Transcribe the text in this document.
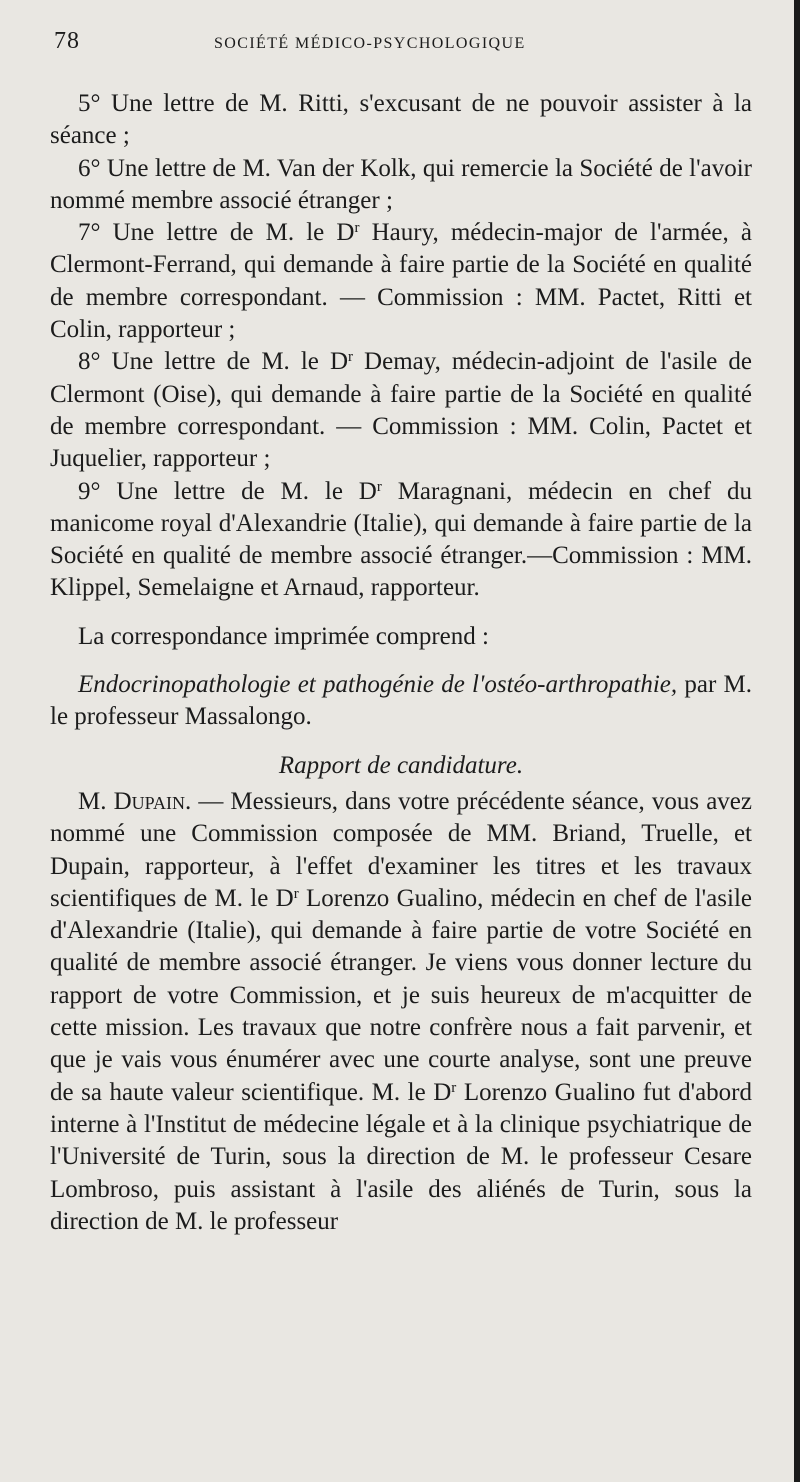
78	SOCIÉTÉ MÉDICO-PSYCHOLOGIQUE

5° Une lettre de M. Ritti, s'excusant de ne pouvoir assister à la séance ;

6° Une lettre de M. Van der Kolk, qui remercie la Société de l'avoir nommé membre associé étranger ;

7° Une lettre de M. le $D^r$ Haury, médecin-major de l'armée, à Clermont-Ferrand, qui demande à faire partie de la Société en qualité de membre correspondant. — Commission : MM. Pactet, Ritti et Colin, rapporteur ;

8° Une lettre de M. le $D^r$ Demay, médecin-adjoint de l'asile de Clermont (Oise), qui demande à faire partie de la Société en qualité de membre correspondant. — Commission : MM. Colin, Pactet et Juquelier, rapporteur ;

9° Une lettre de M. le $D^r$ Maragnani, médecin en chef du manicome royal d'Alexandrie (Italie), qui demande à faire partie de la Société en qualité de membre associé étranger.—Commission : MM. Klippel, Semelaigne et Arnaud, rapporteur.

La correspondance imprimée comprend :

Endocrinopathologie et pathogénie de l'ostéo-arthropathie, par M. le professeur Massalongo.

Rapport de candidature.

M. Dupain. — Messieurs, dans votre précédente séance, vous avez nommé une Commission composée de MM. Briand, Truelle, et Dupain, rapporteur, à l'effet d'examiner les titres et les travaux scientifiques de M. le $D^r$ Lorenzo Gualino, médecin en chef de l'asile d'Alexandrie (Italie), qui demande à faire partie de votre Société en qualité de membre associé étranger. Je viens vous donner lecture du rapport de votre Commission, et je suis heureux de m'acquitter de cette mission. Les travaux que notre confrère nous a fait parvenir, et que je vais vous énumérer avec une courte analyse, sont une preuve de sa haute valeur scientifique. M. le $D^r$ Lorenzo Gualino fut d'abord interne à l'Institut de médecine légale et à la clinique psychiatrique de l'Université de Turin, sous la direction de M. le professeur Cesare Lombroso, puis assistant à l'asile des aliénés de Turin, sous la direction de M. le professeur
